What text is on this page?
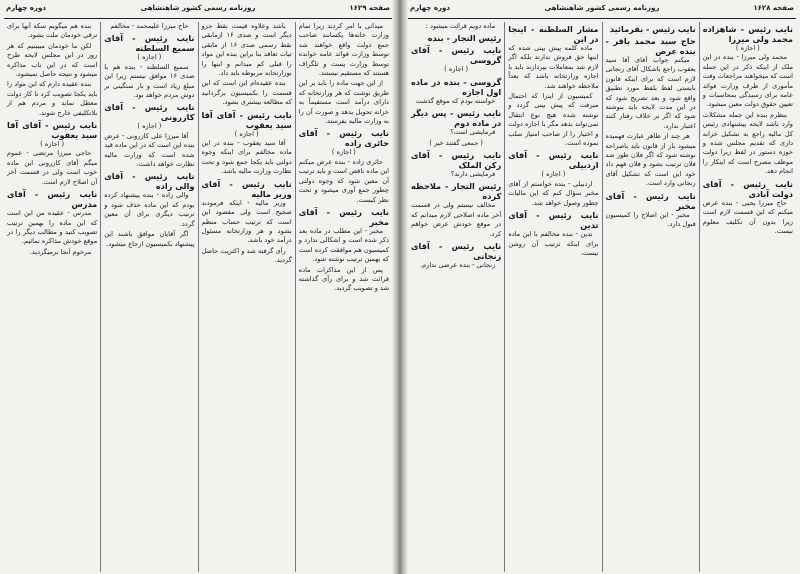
صفحه ۱۶۲۹
روزنامه رسمی کشور شاهنشاهی
دوره چهارم

میدانی با امر کردند زیرا تمام وزارت خانه‌ها یکسانند صاحب جمع دولت واقع خواهند شد توسط وزارت فوائد عامه خوانده توسط وزارت پست و تلگراف هستند که مستقیم نیستند.

از این جهت ماده را باید بر این طریق نوشت که هر وزارتخانه که دارای درآمد است مستقیماً به خزانه تحویل بدهد و صورت آن را به وزارت مالیه بفرستد.

نایب رئیس - آقای حائری زاده

( اجازه )

حائری زاده - بنده عرض میکنم این ماده ناقص است و باید ترتیب آن معین شود که وجوه دولتی چطور جمع آوری میشود و تحت نظر کیست.

نایب رئیس - آقای مخبر

مخبر - این مطلب در ماده بعد ذکر شده است و اشکالی ندارد و کمیسیون هم موافقت کرده است که بهمین ترتیب نوشته شود.

پس از این مذاکرات ماده قرائت شد و برای رأی گذاشته شد و تصویب گردید.

باشد وعلاوه قیمت نقط جزو دیگر است و صدی ۱۶ ازمابقی نقط رسمی صدی ۱۶ از مابقی ثبات تعاقد بنا براین بنده این مواد را قبلی کم میدانم و اینها را بوزارتخانه مربوطه باید داد.

بنده عقیده‌ام این است که این قسمت را بکمیسیون برگردانید که مطالعه بیشتری بشود.

نایب رئیس - آقای آقا سید یعقوب

( اجازه )

آقا سید یعقوب - بنده در این ماده مخالفم برای اینکه وجوه دولتی باید یکجا جمع شود و تحت نظارت وزارت مالیه باشد.

نایب رئیس - آقای وزیر مالیه

وزیر مالیه - اینکه فرمودند صحیح است ولی مقصود این است که ترتیب حساب منظم بشود و هر وزارتخانه مسئول درآمد خود باشد.

رأی گرفته شد و اکثریت حاصل گردید.

حاج میرزا علیمحمد - مخالفم

نایب رئیس - آقای سمیع السلطنه

( اجازه )

سمیع السلطنه - بنده هم با صدی ۱۶ موافق نیستم زیرا این مبلغ زیاد است و بار سنگینی بر دوش مردم خواهد بود.

نایب رئیس - آقای کازرونی

( اجازه )

آقا میرزا علی کازرونی - عرض بنده این است که در این ماده قید شده است که وزارت مالیه نظارت خواهد داشت.

نایب رئیس - آقای والی زاده

والی زاده - بنده پیشنهاد کرده بودم که این ماده حذف شود و ترتیب دیگری برای آن معین گردد.

اگر آقایان موافق باشند این پیشنهاد بکمیسیون ارجاع میشود.

بنده هم میگویم سکه آنها برای ترقی خودمان ملت بشود.

لکن ما خودمان میبینیم که هر روز در این مجلس لایحه طرح است که در این باب مذاکره میشود و نتیجه حاصل نمیشود.

بنده عقیده دارم که این مواد را باید یکجا تصویب کرد تا کار دولت معطل نماند و مردم هم از بلاتکلیفی خارج شوند.

نایب رئیس - آقای آقا سید یعقوب

( اجازه )

حاجی میرزا مرتضی - عموم میگم آقای کازرونی این ماده خوب است ولی در قسمت آخر آن اصلاح لازم است.

نایب رئیس - آقای مدرس

مدرس - عقیده من این است که این ماده را بهمین ترتیب تصویب کنید و مطالب دیگر را در موقع خودش مذاکره نمائیم.

مرخوم آنجا برمیگردید.

صفحه ۱۶۲۸
روزنامه رسمی کشور شاهنشاهی
دوره چهارم

نایب رئیس - شاهزاده محمد ولی میرزا

( اجازه )

محمد ولی میرزا - بنده در این ملک از اینکه ذکر در این جمله است که میخواهند مراجعات وقت مأموری از طرف وزارت فوائد عامه برای رسیدگی بمحاسبات و تعیین حقوق دولت معین میشود.

بنظرم بنده این جمله مشکلات وارد باشد لایحه پیشنهادی رئیس کل مالیه راجع به تشکیل خزانه داری که تقدیم مجلس شده و حوزه دستور در لفظ زیرا دولت موظف مصرح است که اینکار را انجام دهد.

نایب رئیس - آقای دولت آبادی

حاج میرزا یحیی - بنده عرض میکنم که این قسمت لازم است زیرا بدون آن تکلیف معلوم نیست.

نایب رئیس - بفرمائید

حاج سید محمد باقر - بنده عرض

میکنم جواب آقای آقا سید یعقوب راجع باشکال آقای زنجانی لازم است که برای اینکه قانون بایستی لفظ بلفظ مورد تطبیق واقع شود و بعد تصریح شود که در این مدت لایحه باید بنوشته شود که اگر بر خلاف رفتار کنند اعتبار ندارد.

هر چند از ظاهر عبارت فهمیده میشود باز از قانون باید باصراحه نوشته شود که اگر فلان طور شد فلان ترتیب بشود و فلان فهم داد خود این است که تشکیل آقای زنجانی وارد است.

نایب رئیس - آقای مخبر

مخبر - این اصلاح را کمیسیون قبول دارد.

مشار السلطنه - اینجا در این

ماده کلمه پیش بینی شده که اینها حق فروش ندارند بلکه اگر لازم شد بمعاملات بپردازند باید با اجازه وزارتخانه باشد که بعداً ملاحظه خواهند شد.

کمیسیون از اینرا که احتمال میرفت که پیش بینی گردد و نوشته شده هیچ نوع انتقال نمی‌تواند بدهد مگر با اجازه دولت و اختیار را از صاحب امتیاز سلب نموده است.

نایب رئیس - آقای اردبیلی

( اجازه )

اردبیلی - بنده خواستم از آقای مخبر سؤال کنم که این مالیات چطور وصول خواهد شد.

نایب رئیس - آقای تدین

تدین - بنده مخالفم با این ماده برای اینکه ترتیب آن روشن نیست.

ماده دویم قرائت میشود :

رئیس التجار - بنده

نایب رئیس - آقای گروسی

( اجازه )

گروسی - بنده در ماده اول اجازه

خواسته بودم که موقع گذشت

نایب رئیس - پس دیگر در ماده دوم

فرمایشی است؟

( جمعی گفتند خیر )

نایب رئیس - آقای رکن الملک

فرمایشی دارند؟

رئیس التجار - ملاحظه کرده

مخالف نیستم ولی در قسمت آخر ماده اصلاحی لازم میدانم که در موقع خودش عرض خواهم کرد.

نایب رئیس - آقای زنجانی

زنجانی - بنده عرضی ندارم.
